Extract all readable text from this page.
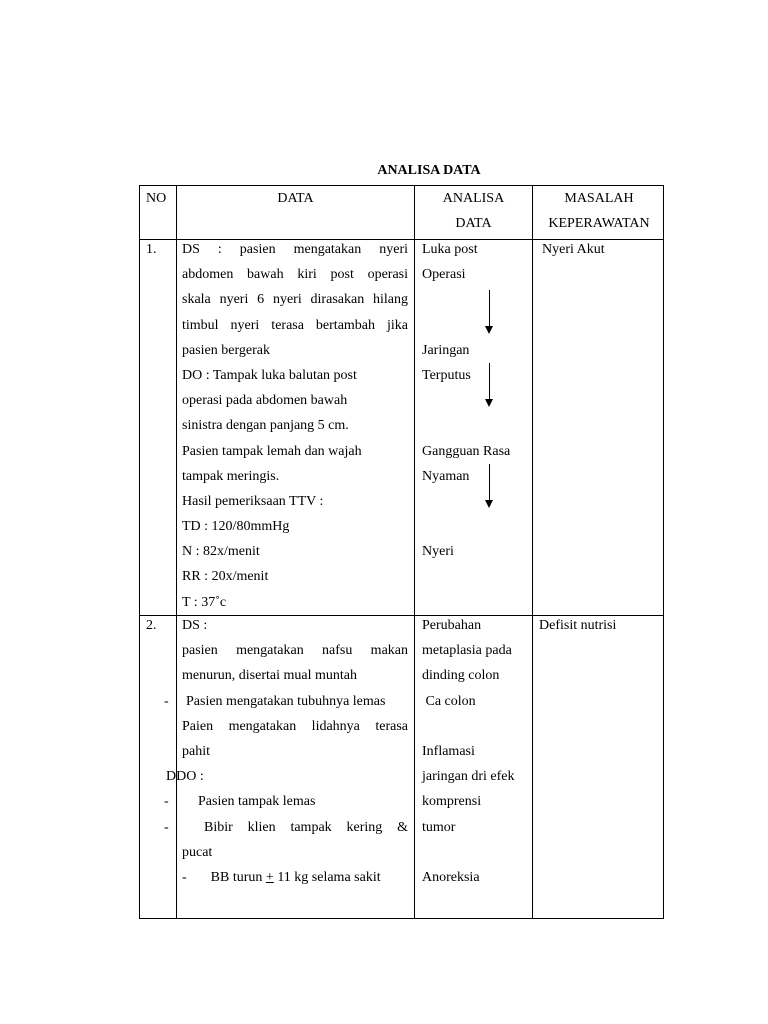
ANALISA DATA
NO	DATA	ANALISA
DATA
MASALAH
KEPERAWATAN
1. DS : pasien mengatakan nyeri
abdomen bawah kiri post operasi
skala nyeri 6 nyeri dirasakan hilang
timbul nyeri terasa bertambah jika
pasien bergerak
DO : Tampak luka balutan post
operasi pada abdomen bawah
sinistra dengan panjang 5 cm.
Pasien tampak lemah dan wajah
tampak meringis.
Hasil pemeriksaan TTV :
TD : 120/80mmHg
N : 82x/menit
RR : 20x/menit
T : 37˚c
Luka post
Operasi
Jaringan
Terputus
Gangguan Rasa
Nyaman
Nyeri
Nyeri Akut
2.
-
-
-
DS :
pasien mengatakan nafsu makan
menurun, disertai mual muntah
Pasien mengatakan tubuhnya lemas
Paien mengatakan lidahnya terasa
pahit
DDO :
Pasien tampak lemas
Bibir klien tampak kering &
pucat
- BB turun + 11 kg selama sakit
Perubahan
metaplasia pada
dinding colon
Ca colon
Inflamasi
jaringan dri efek
komprensi
tumor
Anoreksia
Defisit nutrisi
